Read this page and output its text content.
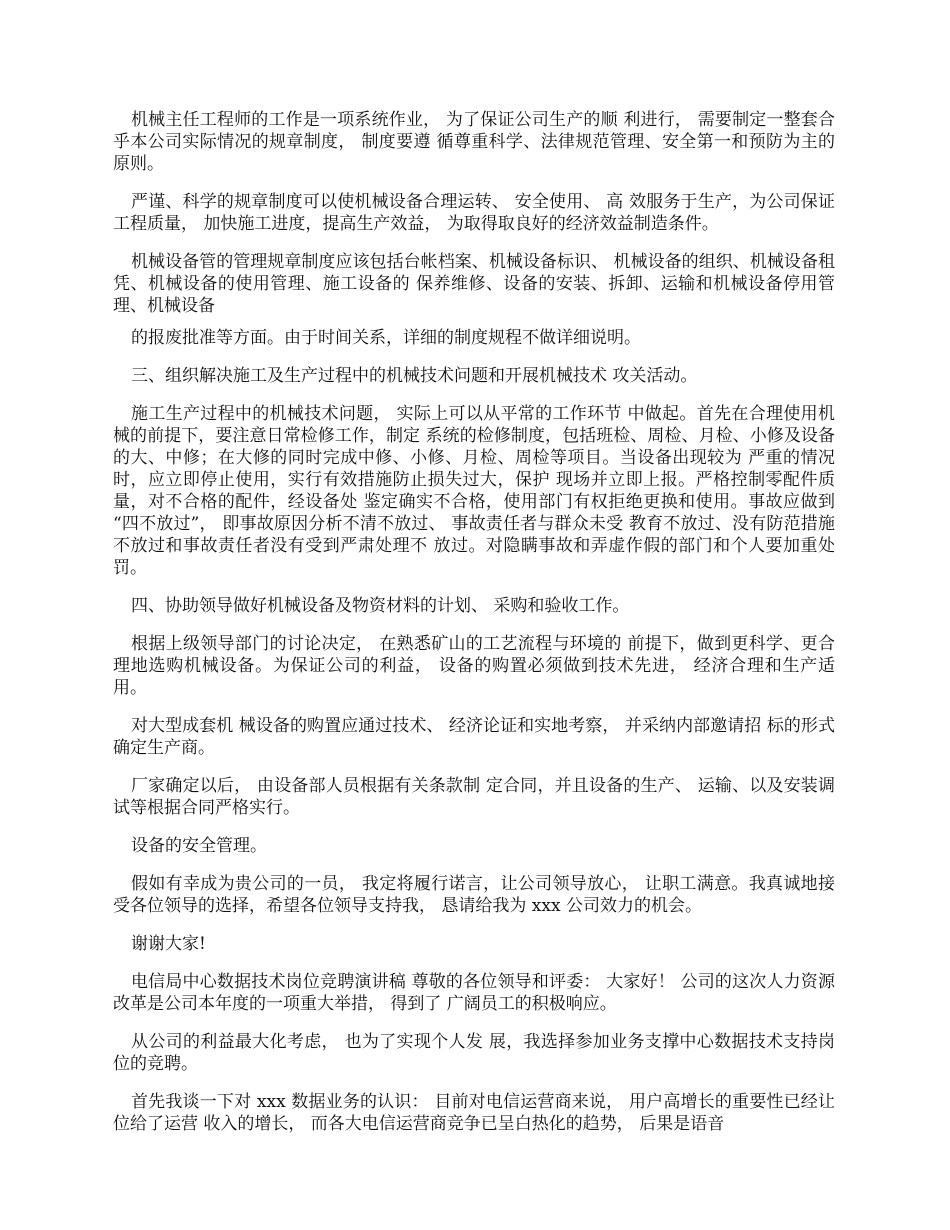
机械主任工程师的工作是一项系统作业， 为了保证公司生产的顺 利进行， 需要制定一整套合乎本公司实际情况的规章制度， 制度要遵 循尊重科学、法律规范管理、安全第一和预防为主的原则。

严谨、科学的规章制度可以使机械设备合理运转、 安全使用、 高 效服务于生产，为公司保证工程质量， 加快施工进度，提高生产效益， 为取得取良好的经济效益制造条件。

机械设备管的管理规章制度应该包括台帐档案、机械设备标识、 机械设备的组织、机械设备租凭、机械设备的使用管理、施工设备的 保养维修、设备的安装、拆卸、运输和机械设备停用管理、机械设备

的报废批准等方面。由于时间关系，详细的制度规程不做详细说明。

三、组织解决施工及生产过程中的机械技术问题和开展机械技术 攻关活动。

施工生产过程中的机械技术问题， 实际上可以从平常的工作环节 中做起。首先在合理使用机械的前提下，要注意日常检修工作，制定 系统的检修制度，包括班检、周检、月检、小修及设备的大、中修；在大修的同时完成中修、小修、月检、周检等项目。当设备出现较为 严重的情况时，应立即停止使用，实行有效措施防止损失过大，保护 现场并立即上报。严格控制零配件质量，对不合格的配件，经设备处 鉴定确实不合格，使用部门有权拒绝更换和使用。事故应做到 “四不放过”， 即事故原因分析不清不放过、 事故责任者与群众未受 教育不放过、没有防范措施不放过和事故责任者没有受到严肃处理不 放过。对隐瞒事故和弄虚作假的部门和个人要加重处罚。

四、协助领导做好机械设备及物资材料的计划、 采购和验收工作。

根据上级领导部门的讨论决定， 在熟悉矿山的工艺流程与环境的 前提下，做到更科学、更合理地选购机械设备。为保证公司的利益， 设备的购置必须做到技术先进， 经济合理和生产适用。

对大型成套机 械设备的购置应通过技术、 经济论证和实地考察， 并采纳内部邀请招 标的形式确定生产商。

厂家确定以后， 由设备部人员根据有关条款制 定合同，并且设备的生产、 运输、以及安装调试等根据合同严格实行。

设备的安全管理。

假如有幸成为贵公司的一员， 我定将履行诺言，让公司领导放心， 让职工满意。我真诚地接受各位领导的选择，希望各位领导支持我， 恳请给我为 xxx 公司效力的机会。

谢谢大家!

电信局中心数据技术岗位竞聘演讲稿 尊敬的各位领导和评委： 大家好！ 公司的这次人力资源改革是公司本年度的一项重大举措， 得到了 广阔员工的积极响应。

从公司的利益最大化考虑， 也为了实现个人发 展，我选择参加业务支撑中心数据技术支持岗位的竞聘。

首先我谈一下对 xxx 数据业务的认识： 目前对电信运营商来说， 用户高增长的重要性已经让位给了运营 收入的增长， 而各大电信运营商竞争已呈白热化的趋势， 后果是语音
